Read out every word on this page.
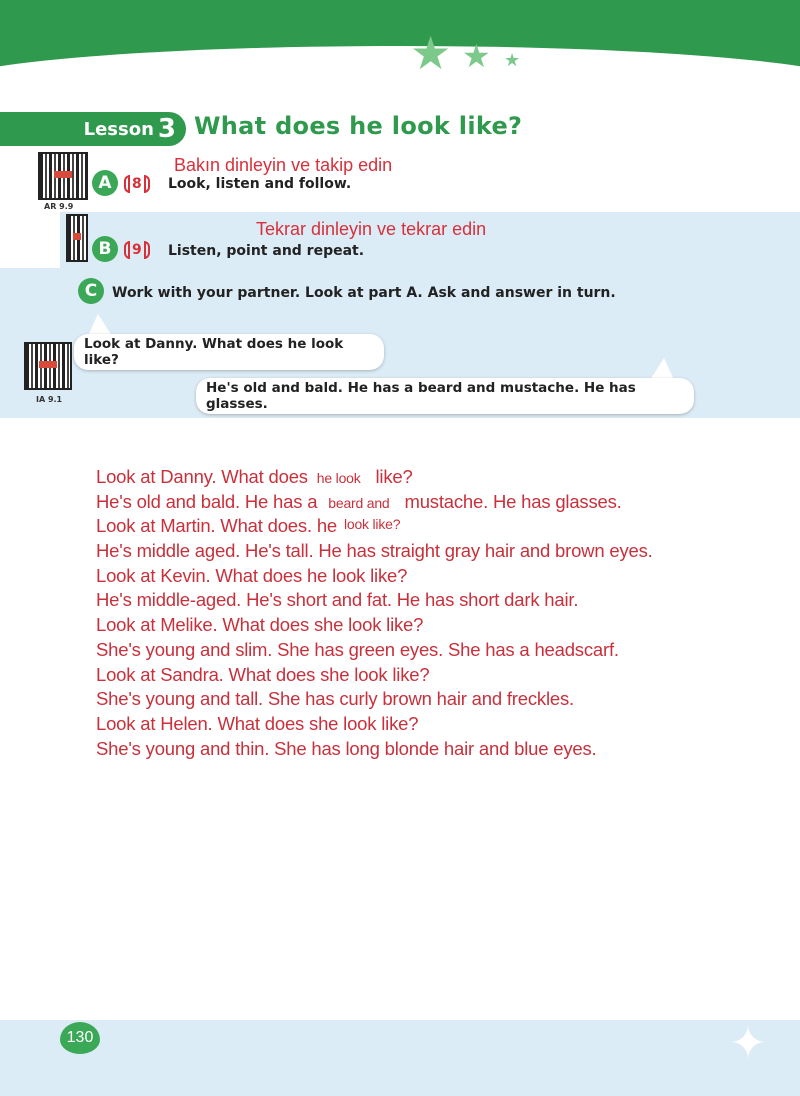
★ ★ ★
Lesson 3 What does he look like?
AR 9.9
A	8
Bakın dinleyin ve takip edin
Look, listen and follow.
B	9
Tekrar dinleyin ve tekrar edin
Listen, point and repeat.
C	Work with your partner. Look at part A. Ask and answer in turn.
IA 9.1
Look at Danny. What does he look like?
He's old and bald. He has a beard and mustache. He has glasses.
Look at Danny. What does he look like?
He's old and bald. He has a beard and mustache. He has glasses.
Look at Martin. What does. he look like?
He's middle aged. He's tall. He has straight gray hair and brown eyes.
Look at Kevin. What does he look like?
He's middle-aged. He's short and fat. He has short dark hair.
Look at Melike. What does she look like?
She's young and slim. She has green eyes. She has a headscarf.
Look at Sandra. What does she look like?
She's young and tall. She has curly brown hair and freckles.
Look at Helen. What does she look like?
She's young and thin. She has long blonde hair and blue eyes.
130	✦
